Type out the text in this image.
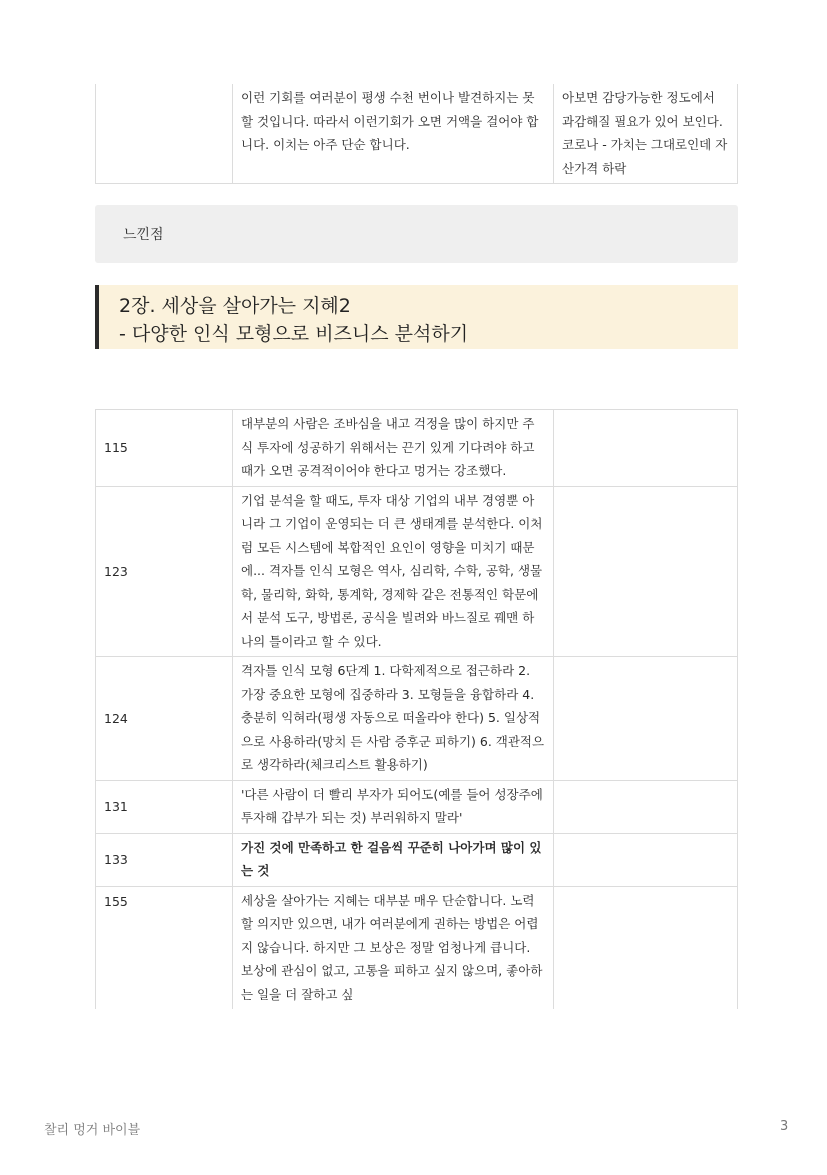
	이런 기회를 여러분이 평생 수천 번이나 발견하지는 못할 것입니다. 따라서 이런기회가 오면 거액을 걸어야 합니다. 이치는 아주 단순 합니다.	아보면 감당가능한 정도에서 과감해질 필요가 있어 보인다. 코로나 - 가치는 그대로인데 자산가격 하락
느낀점
2장. 세상을 살아가는 지혜2
- 다양한 인식 모형으로 비즈니스 분석하기
115	대부분의 사람은 조바심을 내고 걱정을 많이 하지만 주식 투자에 성공하기 위해서는 끈기 있게 기다려야 하고 때가 오면 공격적이어야 한다고 멍거는 강조했다.	
123	기업 분석을 할 때도, 투자 대상 기업의 내부 경영뿐 아니라 그 기업이 운영되는 더 큰 생태계를 분석한다. 이처럼 모든 시스템에 복합적인 요인이 영향을 미치기 때문에... 격자틀 인식 모형은 역사, 심리학, 수학, 공학, 생물학, 물리학, 화학, 통계학, 경제학 같은 전통적인 학문에서 분석 도구, 방법론, 공식을 빌려와 바느질로 꿰맨 하나의 틀이라고 할 수 있다.	
124	격자틀 인식 모형 6단계 1. 다학제적으로 접근하라 2. 가장 중요한 모형에 집중하라 3. 모형들을 융합하라 4. 충분히 익혀라(평생 자동으로 떠올라야 한다) 5. 일상적으로 사용하라(망치 든 사람 증후군 피하기) 6. 객관적으로 생각하라(체크리스트 활용하기)	
131	'다른 사람이 더 빨리 부자가 되어도(예를 들어 성장주에 투자해 갑부가 되는 것) 부러워하지 말라'	
133	가진 것에 만족하고 한 걸음씩 꾸준히 나아가며 많이 있는 것	
155	세상을 살아가는 지혜는 대부분 매우 단순합니다. 노력할 의지만 있으면, 내가 여러분에게 권하는 방법은 어렵지 않습니다. 하지만 그 보상은 정말 엄청나게 큽니다. 보상에 관심이 없고, 고통을 피하고 싶지 않으며, 좋아하는 일을 더 잘하고 싶	
찰리 멍거 바이블	3
